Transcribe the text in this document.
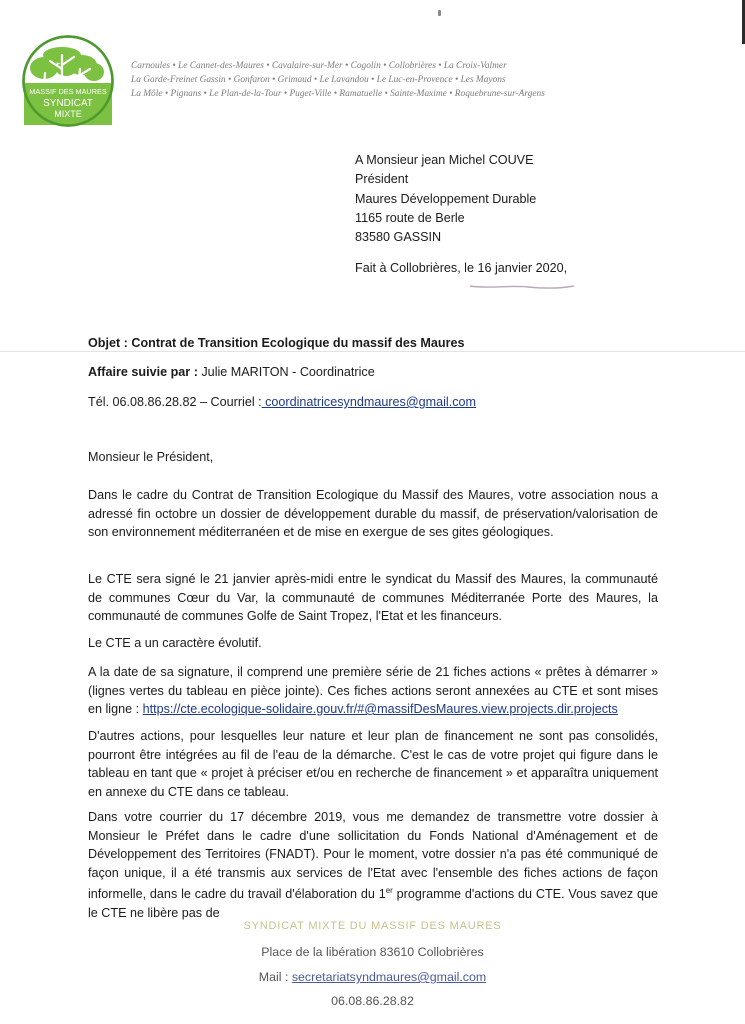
MASSIF DES MAURES
SYNDICAT
MIXTE
Carnoules • Le Cannet-des-Maures • Cavalaire-sur-Mer • Cogolin • Collobrières • La Croix-Valmer
La Garde-Freinet Gassin • Gonfaron • Grimaud • Le Lavandou • Le Luc-en-Provence • Les Mayons
La Môle • Pignans • Le Plan-de-la-Tour • Puget-Ville • Ramatuelle • Sainte-Maxime • Roquebrune-sur-Argens
A Monsieur jean Michel COUVE
Président
Maures Développement Durable
1165 route de Berle
83580 GASSIN
Fait à Collobrières, le 16 janvier 2020,
Objet : Contrat de Transition Ecologique du massif des Maures
Affaire suivie par : Julie MARITON - Coordinatrice
Tél. 06.08.86.28.82 – Courriel : coordinatricesyndmaures@gmail.com
Monsieur le Président,

Dans le cadre du Contrat de Transition Ecologique du Massif des Maures, votre association nous a adressé fin octobre un dossier de développement durable du massif, de préservation/valorisation de son environnement méditerranéen et de mise en exergue de ses gites géologiques.

Le CTE sera signé le 21 janvier après-midi entre le syndicat du Massif des Maures, la communauté de communes Cœur du Var, la communauté de communes Méditerranée Porte des Maures, la communauté de communes Golfe de Saint Tropez, l'Etat et les financeurs.

Le CTE a un caractère évolutif.

A la date de sa signature, il comprend une première série de 21 fiches actions « prêtes à démarrer » (lignes vertes du tableau en pièce jointe). Ces fiches actions seront annexées au CTE et sont mises en ligne : https://cte.ecologique-solidaire.gouv.fr/#@massifDesMaures.view.projects.dir.projects

D'autres actions, pour lesquelles leur nature et leur plan de financement ne sont pas consolidés, pourront être intégrées au fil de l'eau de la démarche. C'est le cas de votre projet qui figure dans le tableau en tant que « projet à préciser et/ou en recherche de financement » et apparaîtra uniquement en annexe du CTE dans ce tableau.

Dans votre courrier du 17 décembre 2019, vous me demandez de transmettre votre dossier à Monsieur le Préfet dans le cadre d'une sollicitation du Fonds National d'Aménagement et de Développement des Territoires (FNADT). Pour le moment, votre dossier n'a pas été communiqué de façon unique, il a été transmis aux services de l'Etat avec l'ensemble des fiches actions de façon informelle, dans le cadre du travail d'élaboration du 1er programme d'actions du CTE. Vous savez que le CTE ne libère pas de

SYNDICAT MIXTE DU MASSIF DES MAURES
Place de la libération 83610 Collobrières
Mail : secretariatsyndmaures@gmail.com
06.08.86.28.82
